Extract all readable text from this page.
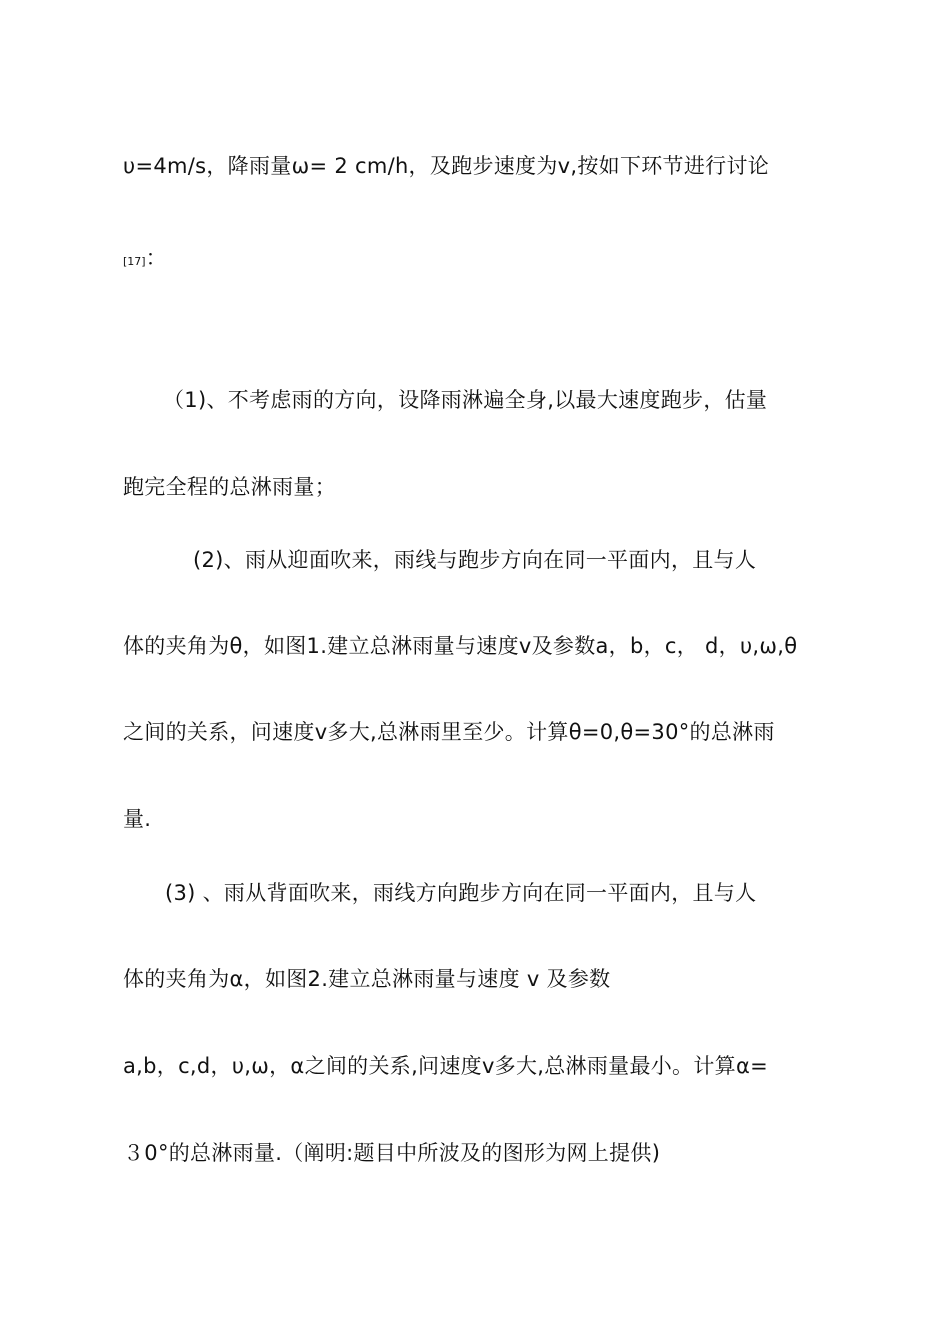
υ=4m/s，降雨量ω= 2 cm/h，及跑步速度为v,按如下环节进行讨论
[17]：
（1)、不考虑雨的方向，设降雨淋遍全身,以最大速度跑步，估量
跑完全程的总淋雨量；
(2)、雨从迎面吹来，雨线与跑步方向在同一平面内，且与人
体的夹角为θ，如图1.建立总淋雨量与速度v及参数a，b，c， d，υ,ω,θ
之间的关系，问速度v多大,总淋雨里至少。计算θ=0,θ=30°的总淋雨
量.
(3) 、雨从背面吹来，雨线方向跑步方向在同一平面内，且与人
体的夹角为α，如图2.建立总淋雨量与速度 v 及参数
a,b，c,d，υ,ω，α之间的关系,问速度v多大,总淋雨量最小。计算α=
３0°的总淋雨量.（阐明:题目中所波及的图形为网上提供)
